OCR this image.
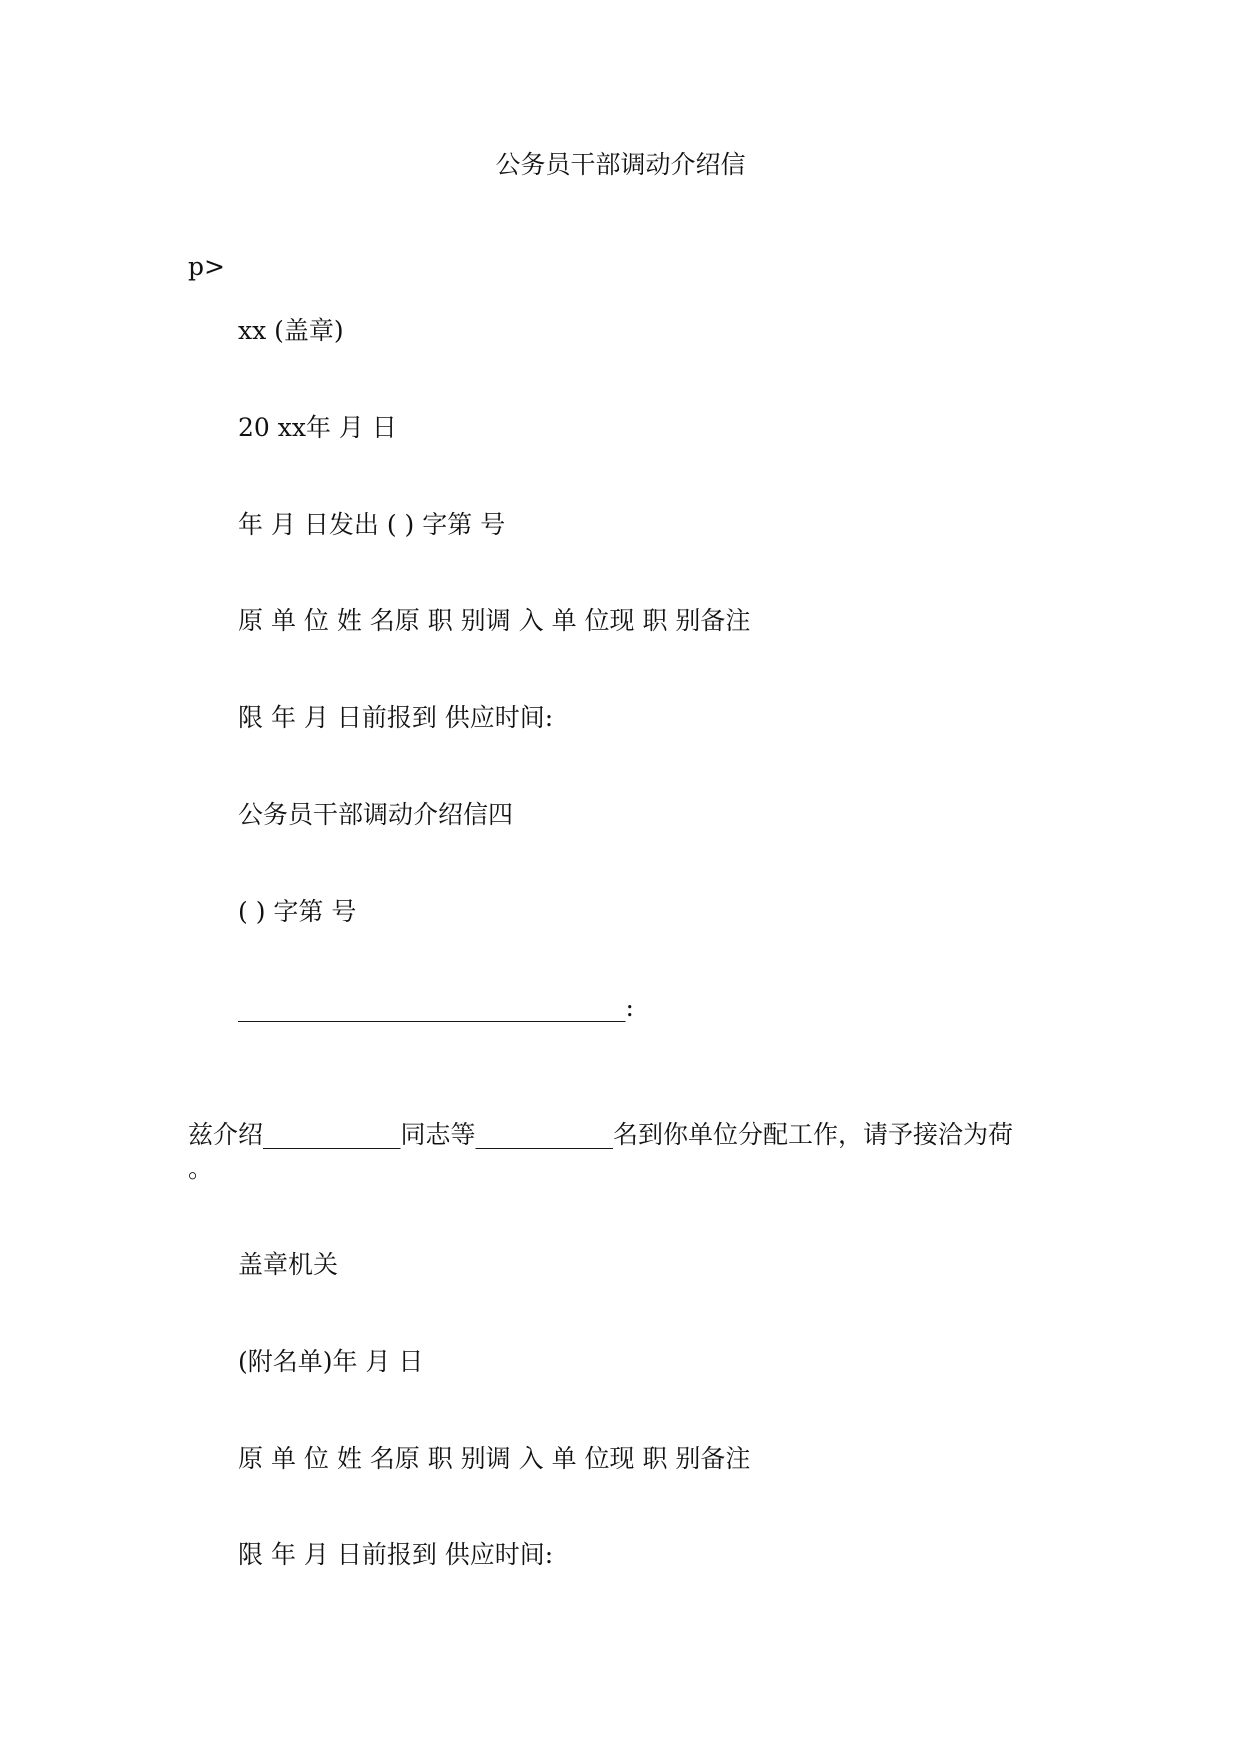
公务员干部调动介绍信

p>

xx (盖章)

20 xx年 月 日

年 月 日发出 ( ) 字第 号

原 单 位 姓 名原 职 别调 入 单 位现 职 别备注

限 年 月 日前报到 供应时间:

公务员干部调动介绍信四

( ) 字第 号

_______________________________:

兹介绍___________同志等___________名到你单位分配工作，请予接洽为荷

。

盖章机关

(附名单)年 月 日

原 单 位 姓 名原 职 别调 入 单 位现 职 别备注

限 年 月 日前报到 供应时间:
